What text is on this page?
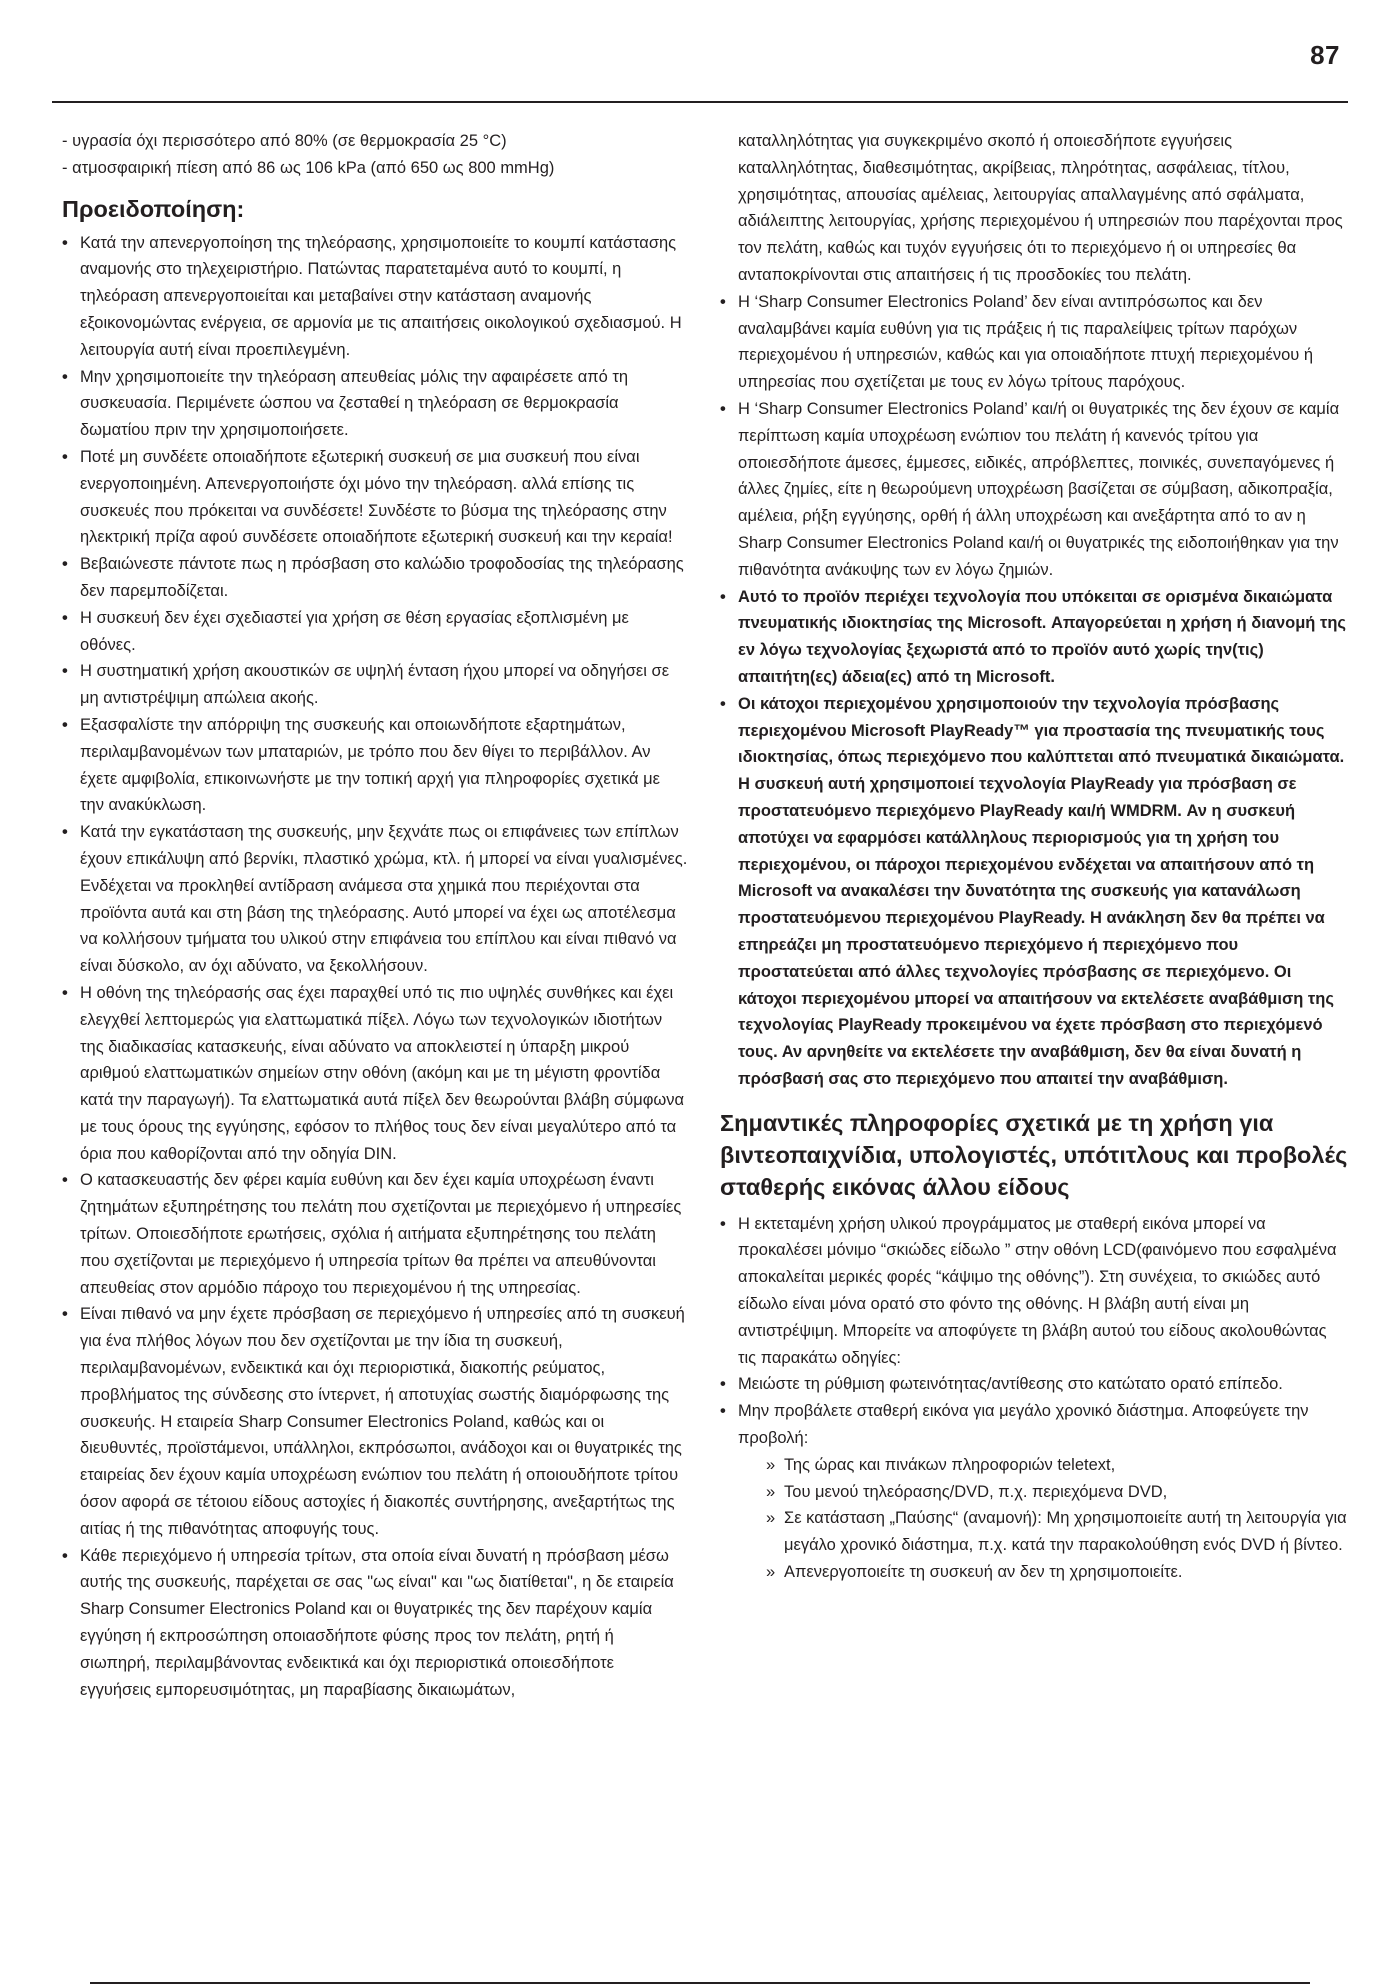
87

- υγρασία όχι περισσότερο από 80% (σε θερμοκρασία 25 °C)

- ατμοσφαιρική πίεση από 86 ως 106 kPa (από 650 ως 800 mmHg)

Προειδοποίηση:
• Κατά την απενεργοποίηση της τηλεόρασης, χρησιμοποιείτε το κουμπί κατάστασης αναμονής στο τηλεχειριστήριο. Πατώντας παρατεταμένα αυτό το κουμπί, η τηλεόραση απενεργοποιείται και μεταβαίνει στην κατάσταση αναμονής εξοικονομώντας ενέργεια, σε αρμονία με τις απαιτήσεις οικολογικού σχεδιασμού. Η λειτουργία αυτή είναι προεπιλεγμένη.
• Μην χρησιμοποιείτε την τηλεόραση απευθείας μόλις την αφαιρέσετε από τη συσκευασία. Περιμένετε ώσπου να ζεσταθεί η τηλεόραση σε θερμοκρασία δωματίου πριν την χρησιμοποιήσετε.
• Ποτέ μη συνδέετε οποιαδήποτε εξωτερική συσκευή σε μια συσκευή που είναι ενεργοποιημένη. Απενεργοποιήστε όχι μόνο την τηλεόραση. αλλά επίσης τις συσκευές που πρόκειται να συνδέσετε! Συνδέστε το βύσμα της τηλεόρασης στην ηλεκτρική πρίζα αφού συνδέσετε οποιαδήποτε εξωτερική συσκευή και την κεραία!
• Βεβαιώνεστε πάντοτε πως η πρόσβαση στο καλώδιο τροφοδοσίας της τηλεόρασης δεν παρεμποδίζεται.
• Η συσκευή δεν έχει σχεδιαστεί για χρήση σε θέση εργασίας εξοπλισμένη με οθόνες.
• Η συστηματική χρήση ακουστικών σε υψηλή ένταση ήχου μπορεί να οδηγήσει σε μη αντιστρέψιμη απώλεια ακοής.
• Εξασφαλίστε την απόρριψη της συσκευής και οποιωνδήποτε εξαρτημάτων, περιλαμβανομένων των μπαταριών, με τρόπο που δεν θίγει το περιβάλλον. Αν έχετε αμφιβολία, επικοινωνήστε με την τοπική αρχή για πληροφορίες σχετικά με την ανακύκλωση.
• Κατά την εγκατάσταση της συσκευής, μην ξεχνάτε πως οι επιφάνειες των επίπλων έχουν επικάλυψη από βερνίκι, πλαστικό χρώμα, κτλ. ή μπορεί να είναι γυαλισμένες. Ενδέχεται να προκληθεί αντίδραση ανάμεσα στα χημικά που περιέχονται στα προϊόντα αυτά και στη βάση της τηλεόρασης. Αυτό μπορεί να έχει ως αποτέλεσμα να κολλήσουν τμήματα του υλικού στην επιφάνεια του επίπλου και είναι πιθανό να είναι δύσκολο, αν όχι αδύνατο, να ξεκολλήσουν.
• Η οθόνη της τηλεόρασής σας έχει παραχθεί υπό τις πιο υψηλές συνθήκες και έχει ελεγχθεί λεπτομερώς για ελαττωματικά πίξελ. Λόγω των τεχνολογικών ιδιοτήτων της διαδικασίας κατασκευής, είναι αδύνατο να αποκλειστεί η ύπαρξη μικρού αριθμού ελαττωματικών σημείων στην οθόνη (ακόμη και με τη μέγιστη φροντίδα κατά την παραγωγή). Τα ελαττωματικά αυτά πίξελ δεν θεωρούνται βλάβη σύμφωνα με τους όρους της εγγύησης, εφόσον το πλήθος τους δεν είναι μεγαλύτερο από τα όρια που καθορίζονται από την οδηγία DIN.
• Ο κατασκευαστής δεν φέρει καμία ευθύνη και δεν έχει καμία υποχρέωση έναντι ζητημάτων εξυπηρέτησης του πελάτη που σχετίζονται με περιεχόμενο ή υπηρεσίες τρίτων. Οποιεσδήποτε ερωτήσεις, σχόλια ή αιτήματα εξυπηρέτησης του πελάτη που σχετίζονται με περιεχόμενο ή υπηρεσία τρίτων θα πρέπει να απευθύνονται απευθείας στον αρμόδιο πάροχο του περιεχομένου ή της υπηρεσίας.
• Είναι πιθανό να μην έχετε πρόσβαση σε περιεχόμενο ή υπηρεσίες από τη συσκευή για ένα πλήθος λόγων που δεν σχετίζονται με την ίδια τη συσκευή, περιλαμβανομένων, ενδεικτικά και όχι περιοριστικά, διακοπής ρεύματος, προβλήματος της σύνδεσης στο ίντερνετ, ή αποτυχίας σωστής διαμόρφωσης της συσκευής. Η εταιρεία Sharp Consumer Electronics Poland, καθώς και οι διευθυντές, προϊστάμενοι, υπάλληλοι, εκπρόσωποι, ανάδοχοι και οι θυγατρικές της εταιρείας δεν έχουν καμία υποχρέωση ενώπιον του πελάτη ή οποιουδήποτε τρίτου όσον αφορά σε τέτοιου είδους αστοχίες ή διακοπές συντήρησης, ανεξαρτήτως της αιτίας ή της πιθανότητας αποφυγής τους.
• Κάθε περιεχόμενο ή υπηρεσία τρίτων, στα οποία είναι δυνατή η πρόσβαση μέσω αυτής της συσκευής, παρέχεται σε σας "ως είναι" και "ως διατίθεται", η δε εταιρεία Sharp Consumer Electronics Poland και οι θυγατρικές της δεν παρέχουν καμία εγγύηση ή εκπροσώπηση οποιασδήποτε φύσης προς τον πελάτη, ρητή ή σιωπηρή, περιλαμβάνοντας ενδεικτικά και όχι περιοριστικά οποιεσδήποτε εγγυήσεις εμπορευσιμότητας, μη παραβίασης δικαιωμάτων,

καταλληλότητας για συγκεκριμένο σκοπό ή οποιεσδήποτε εγγυήσεις καταλληλότητας, διαθεσιμότητας, ακρίβειας, πληρότητας, ασφάλειας, τίτλου, χρησιμότητας, απουσίας αμέλειας, λειτουργίας απαλλαγμένης από σφάλματα, αδιάλειπτης λειτουργίας, χρήσης περιεχομένου ή υπηρεσιών που παρέχονται προς τον πελάτη, καθώς και τυχόν εγγυήσεις ότι το περιεχόμενο ή οι υπηρεσίες θα ανταποκρίνονται στις απαιτήσεις ή τις προσδοκίες του πελάτη.

• Η ‘Sharp Consumer Electronics Poland’ δεν είναι αντιπρόσωπος και δεν αναλαμβάνει καμία ευθύνη για τις πράξεις ή τις παραλείψεις τρίτων παρόχων περιεχομένου ή υπηρεσιών, καθώς και για οποιαδήποτε πτυχή περιεχομένου ή υπηρεσίας που σχετίζεται με τους εν λόγω τρίτους παρόχους.
• Η ‘Sharp Consumer Electronics Poland’ και/ή οι θυγατρικές της δεν έχουν σε καμία περίπτωση καμία υποχρέωση ενώπιον του πελάτη ή κανενός τρίτου για οποιεσδήποτε άμεσες, έμμεσες, ειδικές, απρόβλεπτες, ποινικές, συνεπαγόμενες ή άλλες ζημίες, είτε η θεωρούμενη υποχρέωση βασίζεται σε σύμβαση, αδικοπραξία, αμέλεια, ρήξη εγγύησης, ορθή ή άλλη υποχρέωση και ανεξάρτητα από το αν η Sharp Consumer Electronics Poland και/ή οι θυγατρικές της ειδοποιήθηκαν για την πιθανότητα ανάκυψης των εν λόγω ζημιών.
• Αυτό το προϊόν περιέχει τεχνολογία που υπόκειται σε ορισμένα δικαιώματα πνευματικής ιδιοκτησίας της Microsoft. Απαγορεύεται η χρήση ή διανομή της εν λόγω τεχνολογίας ξεχωριστά από το προϊόν αυτό χωρίς την(τις) απαιτήτη(ες) άδεια(ες) από τη Microsoft.
• Οι κάτοχοι περιεχομένου χρησιμοποιούν την τεχνολογία πρόσβασης περιεχομένου Microsoft PlayReady™ για προστασία της πνευματικής τους ιδιοκτησίας, όπως περιεχόμενο που καλύπτεται από πνευματικά δικαιώματα. Η συσκευή αυτή χρησιμοποιεί τεχνολογία PlayReady για πρόσβαση σε προστατευόμενο περιεχόμενο PlayReady και/ή WMDRM. Αν η συσκευή αποτύχει να εφαρμόσει κατάλληλους περιορισμούς για τη χρήση του περιεχομένου, οι πάροχοι περιεχομένου ενδέχεται να απαιτήσουν από τη Microsoft να ανακαλέσει την δυνατότητα της συσκευής για κατανάλωση προστατευόμενου περιεχομένου PlayReady. Η ανάκληση δεν θα πρέπει να επηρεάζει μη προστατευόμενο περιεχόμενο ή περιεχόμενο που προστατεύεται από άλλες τεχνολογίες πρόσβασης σε περιεχόμενο. Οι κάτοχοι περιεχομένου μπορεί να απαιτήσουν να εκτελέσετε αναβάθμιση της τεχνολογίας PlayReady προκειμένου να έχετε πρόσβαση στο περιεχόμενό τους. Αν αρνηθείτε να εκτελέσετε την αναβάθμιση, δεν θα είναι δυνατή η πρόσβασή σας στο περιεχόμενο που απαιτεί την αναβάθμιση.
Σημαντικές πληροφορίες σχετικά με τη χρήση για βιντεοπαιχνίδια, υπολογιστές, υπότιτλους και προβολές σταθερής εικόνας άλλου είδους
• Η εκτεταμένη χρήση υλικού προγράμματος με σταθερή εικόνα μπορεί να προκαλέσει μόνιμο “σκιώδες είδωλο ” στην οθόνη LCD(φαινόμενο που εσφαλμένα αποκαλείται μερικές φορές “κάψιμο της οθόνης”). Στη συνέχεια, το σκιώδες αυτό είδωλο είναι μόνα ορατό στο φόντο της οθόνης. Η βλάβη αυτή είναι μη αντιστρέψιμη. Μπορείτε να αποφύγετε τη βλάβη αυτού του είδους ακολουθώντας τις παρακάτω οδηγίες:
• Μειώστε τη ρύθμιση φωτεινότητας/αντίθεσης στο κατώτατο ορατό επίπεδο.
• Μην προβάλετε σταθερή εικόνα για μεγάλο χρονικό διάστημα. Αποφεύγετε την προβολή:
» Της ώρας και πινάκων πληροφοριών teletext,
» Του μενού τηλεόρασης/DVD, π.χ. περιεχόμενα DVD,
» Σε κατάσταση „Παύσης“ (αναμονή): Μη χρησιμοποιείτε αυτή τη λειτουργία για μεγάλο χρονικό διάστημα, π.χ. κατά την παρακολούθηση ενός DVD ή βίντεο.
» Απενεργοποιείτε τη συσκευή αν δεν τη χρησιμοποιείτε.
